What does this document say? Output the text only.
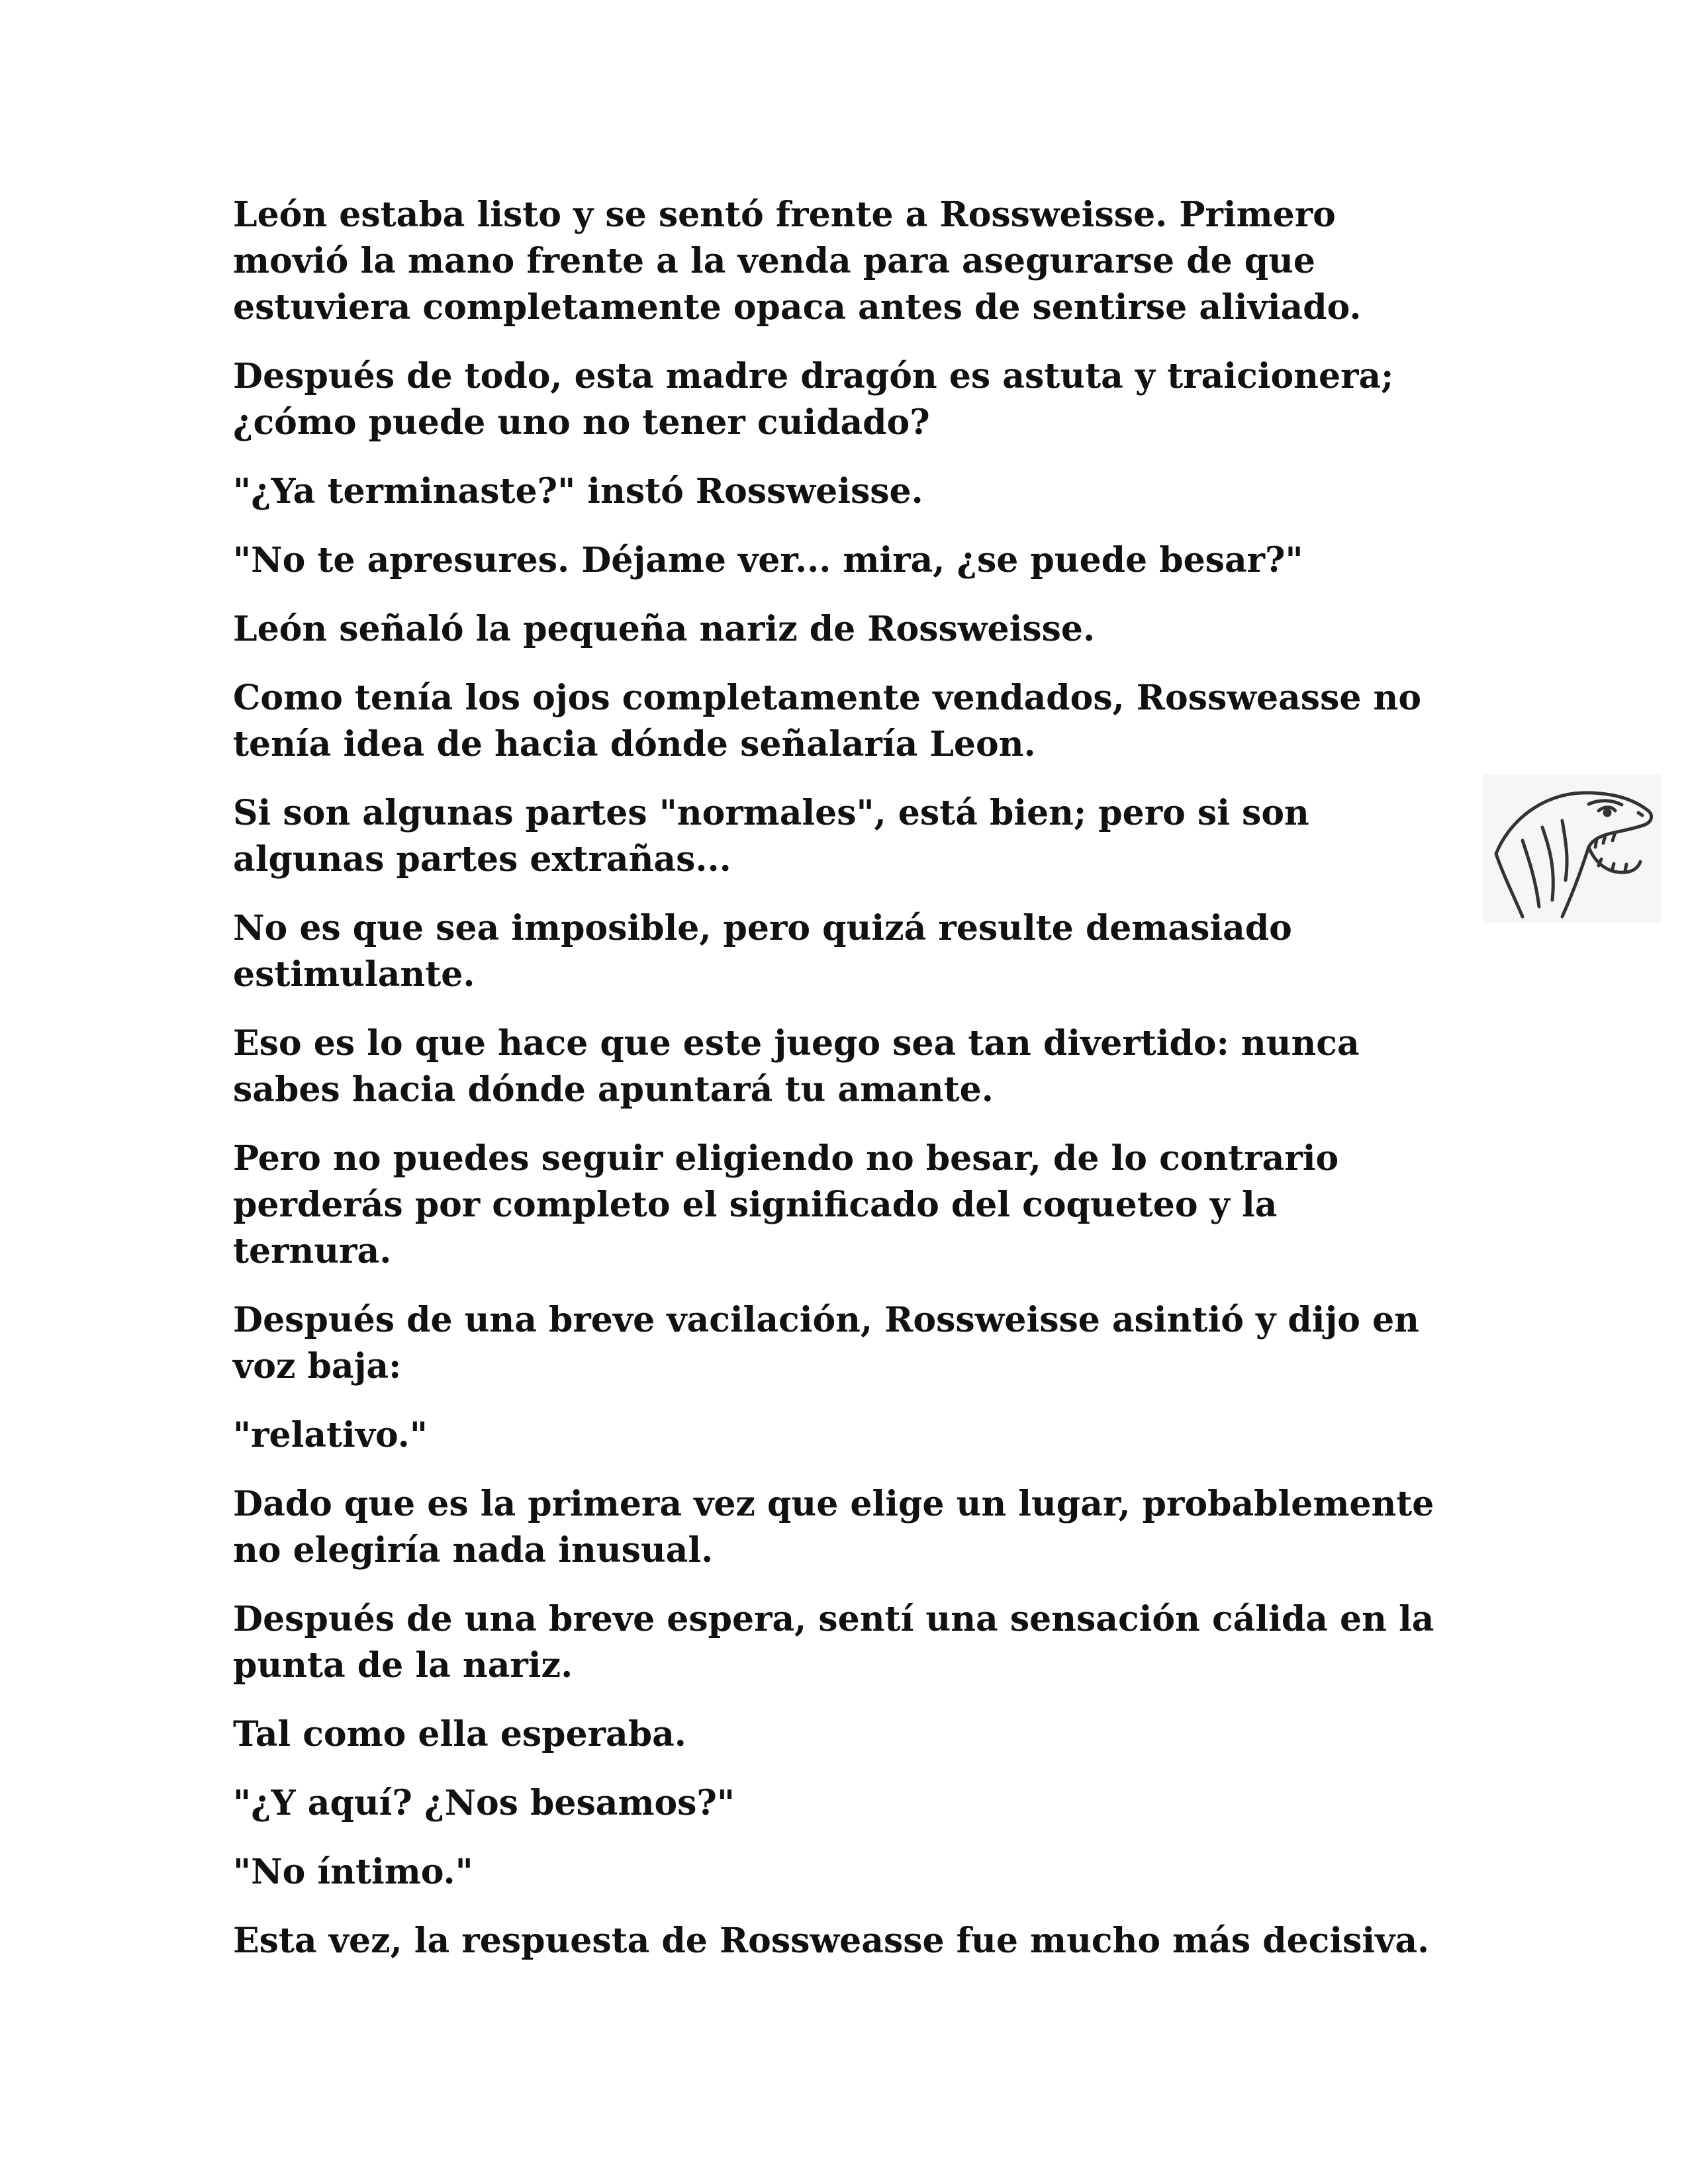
León estaba listo y se sentó frente a Rossweisse. Primero movió la mano frente a la venda para asegurarse de que estuviera completamente opaca antes de sentirse aliviado.

Después de todo, esta madre dragón es astuta y traicionera; ¿cómo puede uno no tener cuidado?

"¿Ya terminaste?" instó Rossweisse.

"No te apresures. Déjame ver... mira, ¿se puede besar?"

León señaló la pequeña nariz de Rossweisse.

Como tenía los ojos completamente vendados, Rossweasse no tenía idea de hacia dónde señalaría Leon.

Si son algunas partes "normales", está bien; pero si son algunas partes extrañas...

No es que sea imposible, pero quizá resulte demasiado estimulante.

Eso es lo que hace que este juego sea tan divertido: nunca sabes hacia dónde apuntará tu amante.

Pero no puedes seguir eligiendo no besar, de lo contrario perderás por completo el significado del coqueteo y la ternura.

Después de una breve vacilación, Rossweisse asintió y dijo en voz baja:

"relativo."

Dado que es la primera vez que elige un lugar, probablemente no elegiría nada inusual.

Después de una breve espera, sentí una sensación cálida en la punta de la nariz.

Tal como ella esperaba.

"¿Y aquí? ¿Nos besamos?"

"No íntimo."

Esta vez, la respuesta de Rossweasse fue mucho más decisiva.
